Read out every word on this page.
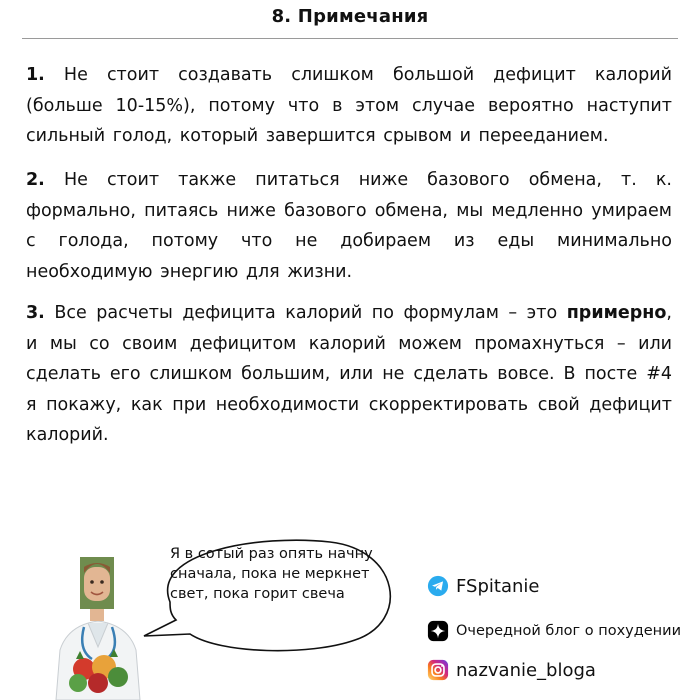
8. Примечания
1. Не стоит создавать слишком большой дефицит калорий (больше 10-15%), потому что в этом случае вероятно наступит сильный голод, который завершится срывом и перееданием.
2. Не стоит также питаться ниже базового обмена, т. к. формально, питаясь ниже базового обмена, мы медленно умираем с голода, потому что не добираем из еды минимально необходимую энергию для жизни.
3. Все расчеты дефицита калорий по формулам – это примерно, и мы со своим дефицитом калорий можем промахнуться – или сделать его слишком большим, или не сделать вовсе. В посте #4 я покажу, как при необходимости скорректировать свой дефицит калорий.
Я в сотый раз опять начну сначала, пока не меркнет свет, пока горит свеча	FSpitanie
Очередной блог о похудении
nazvanie_bloga
